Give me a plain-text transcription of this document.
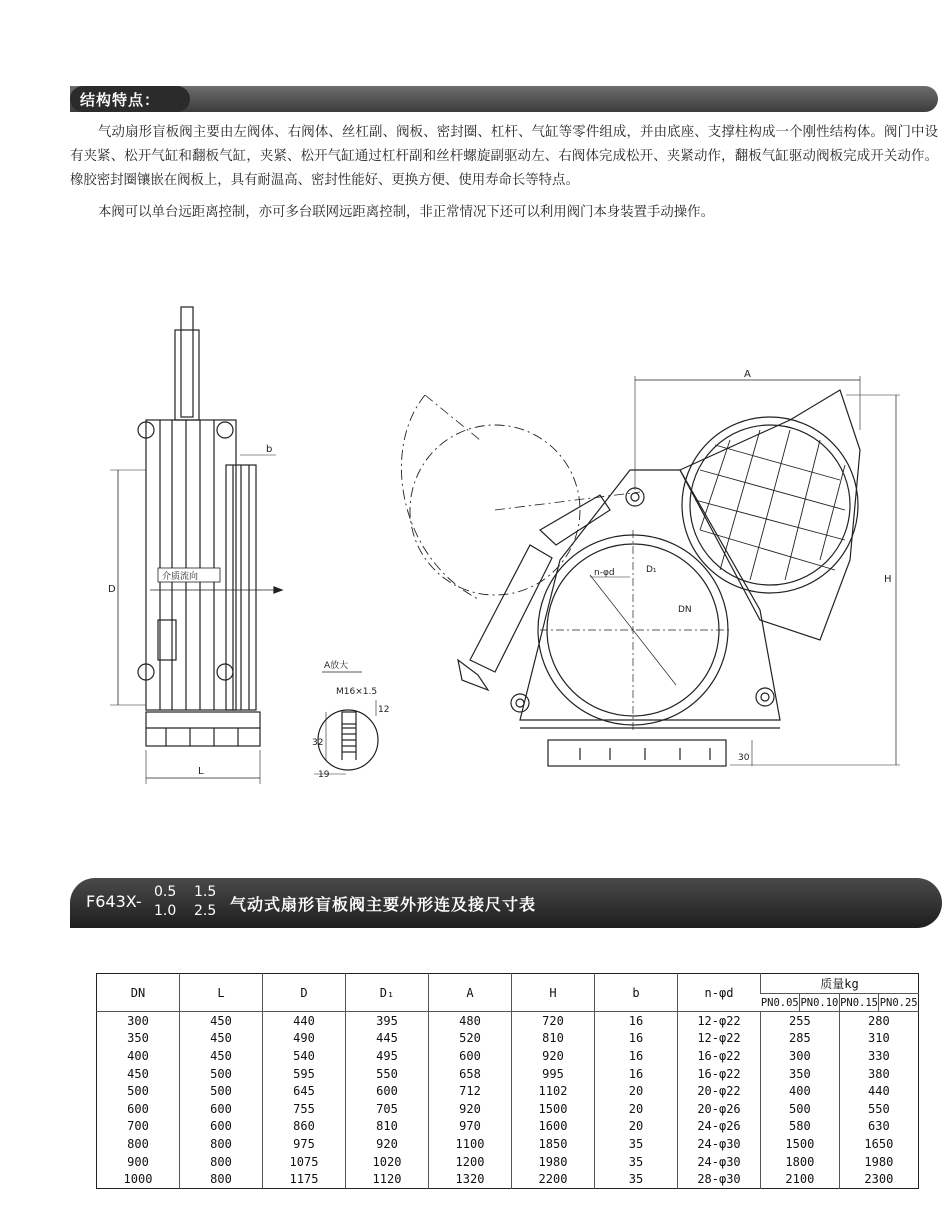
结构特点：
气动扇形盲板阀主要由左阀体、右阀体、丝杠副、阀板、密封圈、杠杆、气缸等零件组成，并由底座、支撑柱构成一个刚性结构体。阀门中设有夹紧、松开气缸和翻板气缸，夹紧、松开气缸通过杠杆副和丝杆螺旋副驱动左、右阀体完成松开、夹紧动作，翻板气缸驱动阀板完成开关动作。橡胶密封圈镶嵌在阀板上，具有耐温高、密封性能好、更换方便、使用寿命长等特点。
本阀可以单台远距离控制，亦可多台联网远距离控制，非正常情况下还可以利用阀门本身装置手动操作。
D
L
b
介质流向
A放大
M16×1.5
12
32
19
A
H
DN
D₁
n-φd
30
F643X- 0.5
1.0
1.5
2.5 气动式扇形盲板阀主要外形连及接尺寸表
DN	L	D	D₁	A	H	b	n-φd	质量kg			
								PN0.05	PN0.10	PN0.15	PN0.25
300	450	440	395	480	720	16	12-φ22	255		280	
350	450	490	445	520	810	16	12-φ22	285		310	
400	450	540	495	600	920	16	16-φ22	300		330	
450	500	595	550	658	995	16	16-φ22	350		380	
500	500	645	600	712	1102	20	20-φ22	400		440	
600	600	755	705	920	1500	20	20-φ26	500		550	
700	600	860	810	970	1600	20	24-φ26	580		630	
800	800	975	920	1100	1850	35	24-φ30	1500		1650	
900	800	1075	1020	1200	1980	35	24-φ30	1800		1980	
1000	800	1175	1120	1320	2200	35	28-φ30	2100		2300	
